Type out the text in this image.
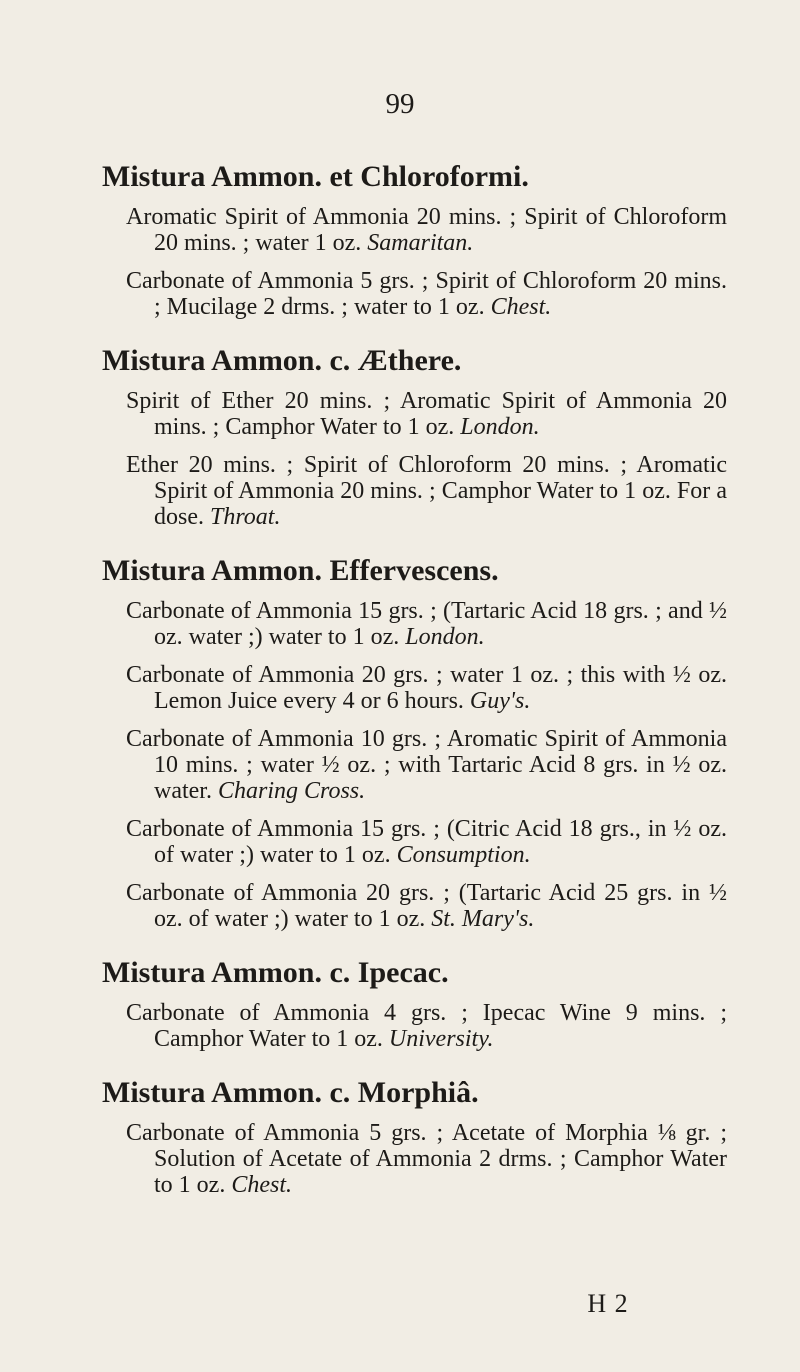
99
Mistura Ammon. et Chloroformi.

Aromatic Spirit of Ammonia 20 mins. ; Spirit of Chloroform 20 mins. ; water 1 oz. Samaritan.

Carbonate of Ammonia 5 grs. ; Spirit of Chloroform 20 mins. ; Mucilage 2 drms. ; water to 1 oz. Chest.

Mistura Ammon. c. Æthere.

Spirit of Ether 20 mins. ; Aromatic Spirit of Ammonia 20 mins. ; Camphor Water to 1 oz. London.

Ether 20 mins. ; Spirit of Chloroform 20 mins. ; Aromatic Spirit of Ammonia 20 mins. ; Camphor Water to 1 oz. For a dose. Throat.

Mistura Ammon. Effervescens.

Carbonate of Ammonia 15 grs. ; (Tartaric Acid 18 grs. ; and ½ oz. water ;) water to 1 oz. London.

Carbonate of Ammonia 20 grs. ; water 1 oz. ; this with ½ oz. Lemon Juice every 4 or 6 hours. Guy's.

Carbonate of Ammonia 10 grs. ; Aromatic Spirit of Ammonia 10 mins. ; water ½ oz. ; with Tartaric Acid 8 grs. in ½ oz. water. Charing Cross.

Carbonate of Ammonia 15 grs. ; (Citric Acid 18 grs., in ½ oz. of water ;) water to 1 oz. Consumption.

Carbonate of Ammonia 20 grs. ; (Tartaric Acid 25 grs. in ½ oz. of water ;) water to 1 oz. St. Mary's.

Mistura Ammon. c. Ipecac.

Carbonate of Ammonia 4 grs. ; Ipecac Wine 9 mins. ; Camphor Water to 1 oz. University.

Mistura Ammon. c. Morphiâ.

Carbonate of Ammonia 5 grs. ; Acetate of Morphia ⅛ gr. ; Solution of Acetate of Ammonia 2 drms. ; Camphor Water to 1 oz. Chest.

H 2
